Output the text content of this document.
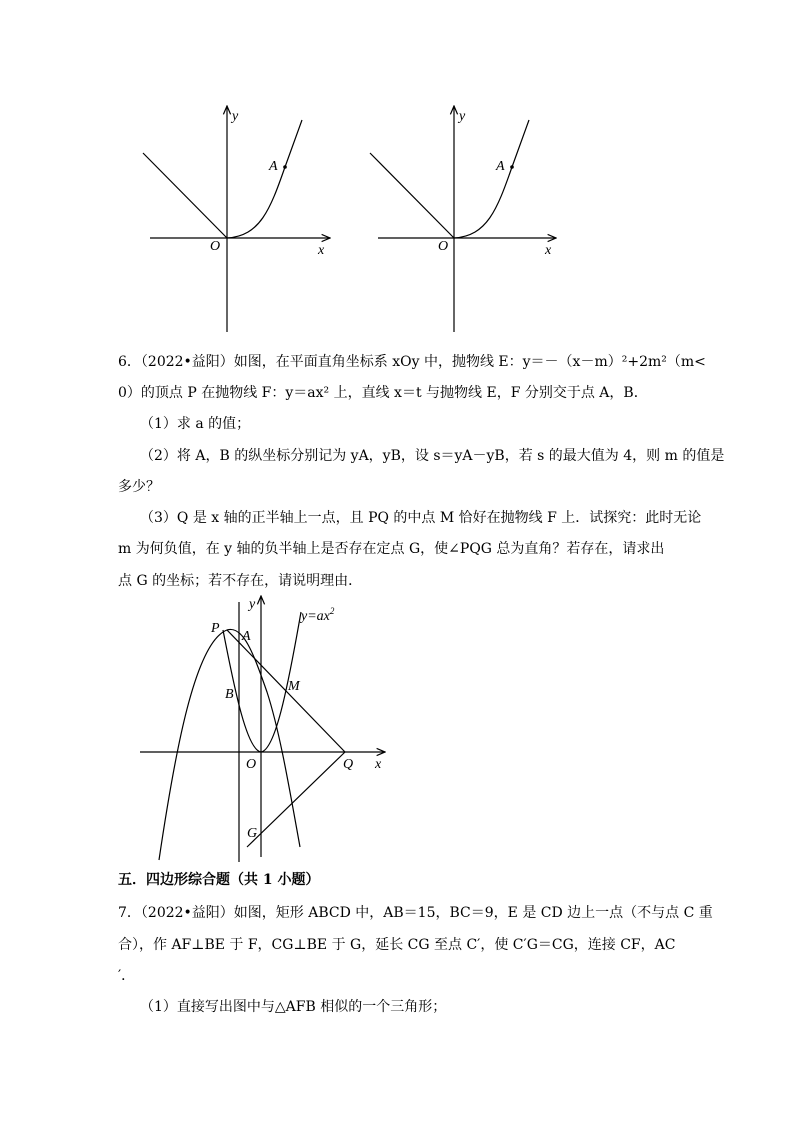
y
x
O
A
y
x
O
A
6．（2022•益阳）如图，在平面直角坐标系 xOy 中，抛物线 E：y＝－（x－m）²+2m²（m<
0）的顶点 P 在抛物线 F：y＝ax² 上，直线 x＝t 与抛物线 E，F 分别交于点 A，B．
（1）求 a 的值；
（2）将 A，B 的纵坐标分别记为 yA，yB，设 s＝yA－yB，若 s 的最大值为 4，则 m 的值是
多少？
（3）Q 是 x 轴的正半轴上一点，且 PQ 的中点 M 恰好在抛物线 F 上．试探究：此时无论
m 为何负值，在 y 轴的负半轴上是否存在定点 G，使∠PQG 总为直角？若存在，请求出
点 G 的坐标；若不存在，请说明理由．
y
$y=ax^2$
P
A
B
M
O	Q x
G
五．四边形综合题（共 1 小题）
7．（2022•益阳）如图，矩形 ABCD 中，AB＝15，BC＝9，E 是 CD 边上一点（不与点 C 重
合），作 AF⊥BE 于 F，CG⊥BE 于 G，延长 CG 至点 C′，使 C′G＝CG，连接 CF，AC
′．
（1）直接写出图中与△AFB 相似的一个三角形；
